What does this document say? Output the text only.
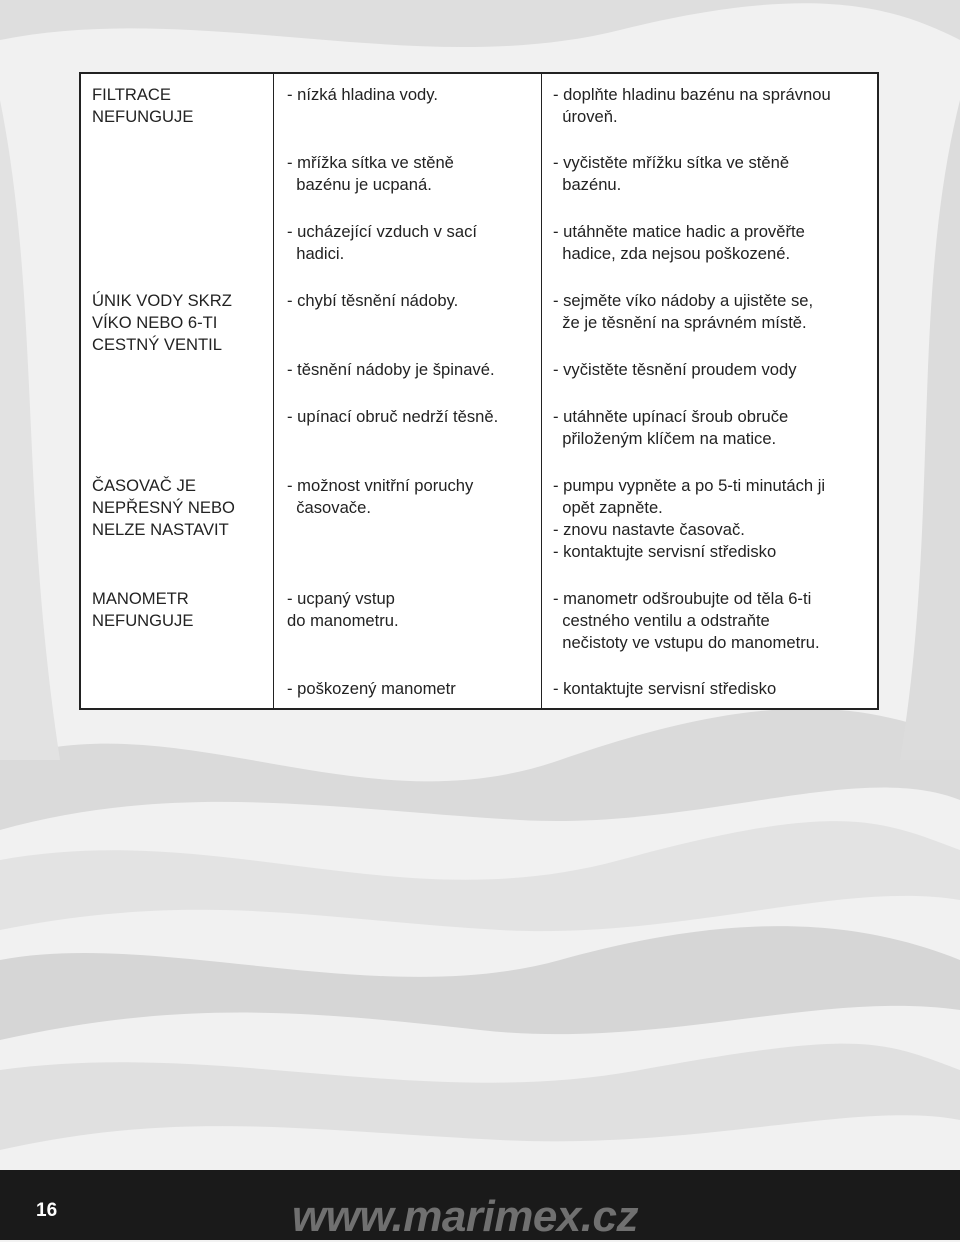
FILTRACE
NEFUNGUJE

- nízká hladina vody.

- mřížka sítka ve stěně
bazénu je ucpaná.

- ucházející vzduch v sací
hadici.

- doplňte hladinu bazénu na správnou
úroveň.

- vyčistěte mřížku sítka ve stěně
bazénu.

- utáhněte matice hadic a prověřte
hadice, zda nejsou poškozené.

ÚNIK VODY SKRZ
VÍKO NEBO 6-TI
CESTNÝ VENTIL

- chybí těsnění nádoby.

- těsnění nádoby je špinavé.

- upínací obruč nedrží těsně.

- sejměte víko nádoby a ujistěte se,
že je těsnění na správném místě.

- vyčistěte těsnění proudem vody

- utáhněte upínací šroub obruče
přiloženým klíčem na matice.

ČASOVAČ JE
NEPŘESNÝ NEBO
NELZE NASTAVIT

- možnost vnitřní poruchy
časovače.

- pumpu vypněte a po 5-ti minutách ji
opět zapněte.
- znovu nastavte časovač.
- kontaktujte servisní středisko

MANOMETR
NEFUNGUJE

- ucpaný vstup
do manometru.

- poškozený manometr

- manometr odšroubujte od těla 6-ti
cestného ventilu a odstraňte
nečistoty ve vstupu do manometru.

- kontaktujte servisní středisko

16	www.marimex.cz
